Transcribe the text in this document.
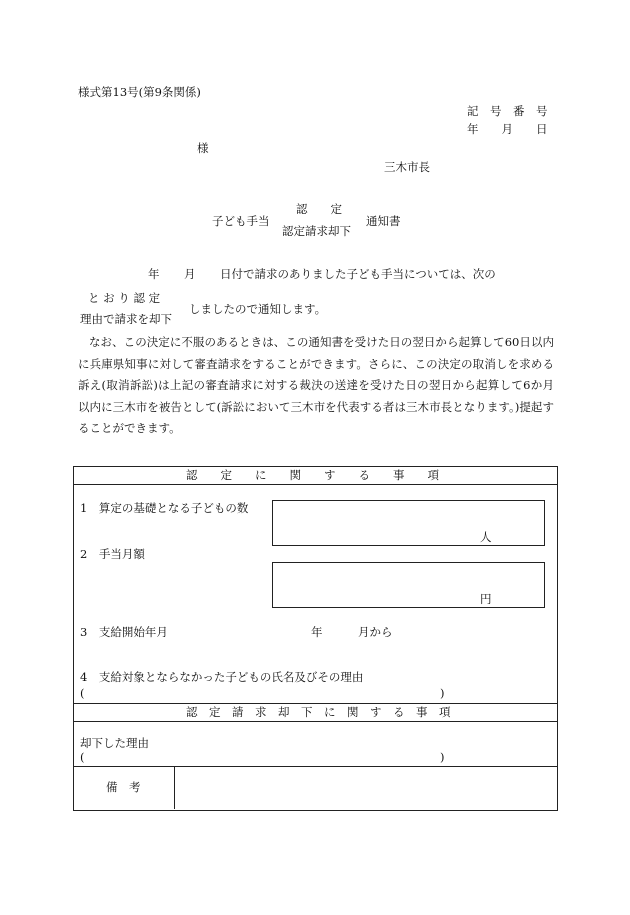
様式第13号(第9条関係)
記　号　番　号
年　　月　　日
様
三木市長
子ども手当
認　　定
認定請求却下
通知書
年 月 日付で請求のありました子ども手当については、次の
と お り 認 定
理由で請求を却下
しましたので通知します。
なお、この決定に不服のあるときは、この通知書を受けた日の翌日から起算して60日以内に兵庫県知事に対して審査請求をすることができます。さらに、この決定の取消しを求める訴え(取消訴訟)は上記の審査請求に対する裁決の送達を受けた日の翌日から起算して6か月以内に三木市を被告として(訴訟において三木市を代表する者は三木市長となります。)提起することができます。
認　　定　　に　　関　　す　　る　　事　　項
1　算定の基礎となる子どもの数
人
2　手当月額
円
3　支給開始年月	年	月から
4　支給対象とならなかった子どもの氏名及びその理由
(	)
認　定　請　求　却　下　に　関　す　る　事　項
却下した理由
(	)
備　考
